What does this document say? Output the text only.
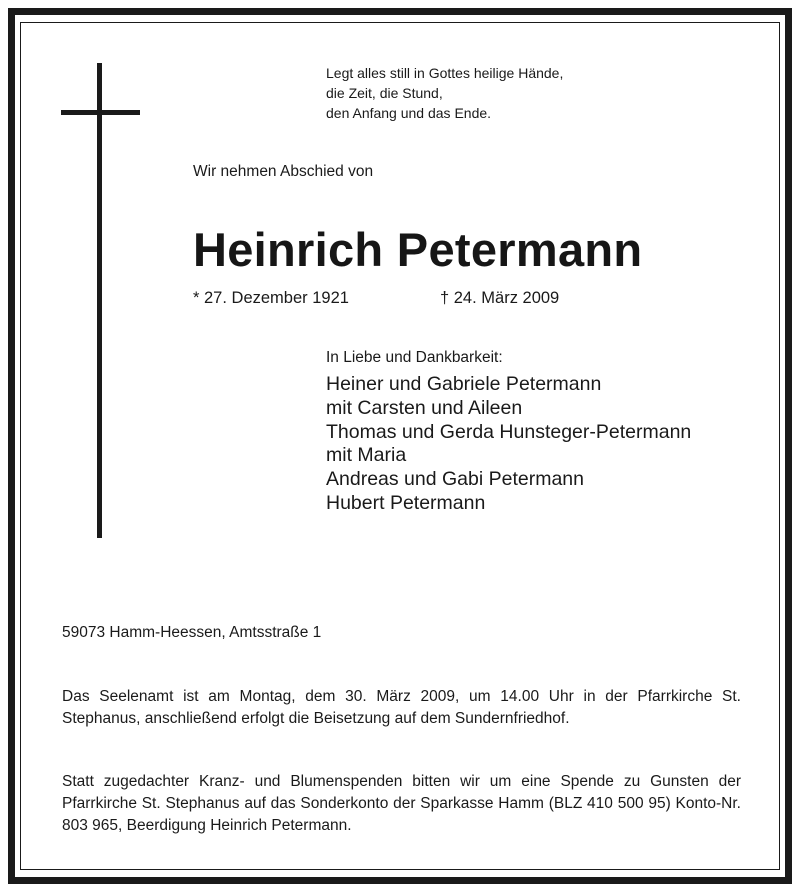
Legt alles still in Gottes heilige Hände,
die Zeit, die Stund,
den Anfang und das Ende.
Wir nehmen Abschied von
Heinrich Petermann
* 27. Dezember 1921	† 24. März 2009
In Liebe und Dankbarkeit:
Heiner und Gabriele Petermann
mit Carsten und Aileen
Thomas und Gerda Hunsteger-Petermann
mit Maria
Andreas und Gabi Petermann
Hubert Petermann
59073 Hamm-Heessen, Amtsstraße 1
Das Seelenamt ist am Montag, dem 30. März 2009, um 14.00 Uhr in der Pfarrkirche St. Stephanus, anschließend erfolgt die Beisetzung auf dem Sundernfriedhof.
Statt zugedachter Kranz- und Blumenspenden bitten wir um eine Spende zu Gunsten der Pfarrkirche St. Stephanus auf das Sonderkonto der Sparkasse Hamm (BLZ 410 500 95) Konto-Nr. 803 965, Beerdigung Heinrich Petermann.
